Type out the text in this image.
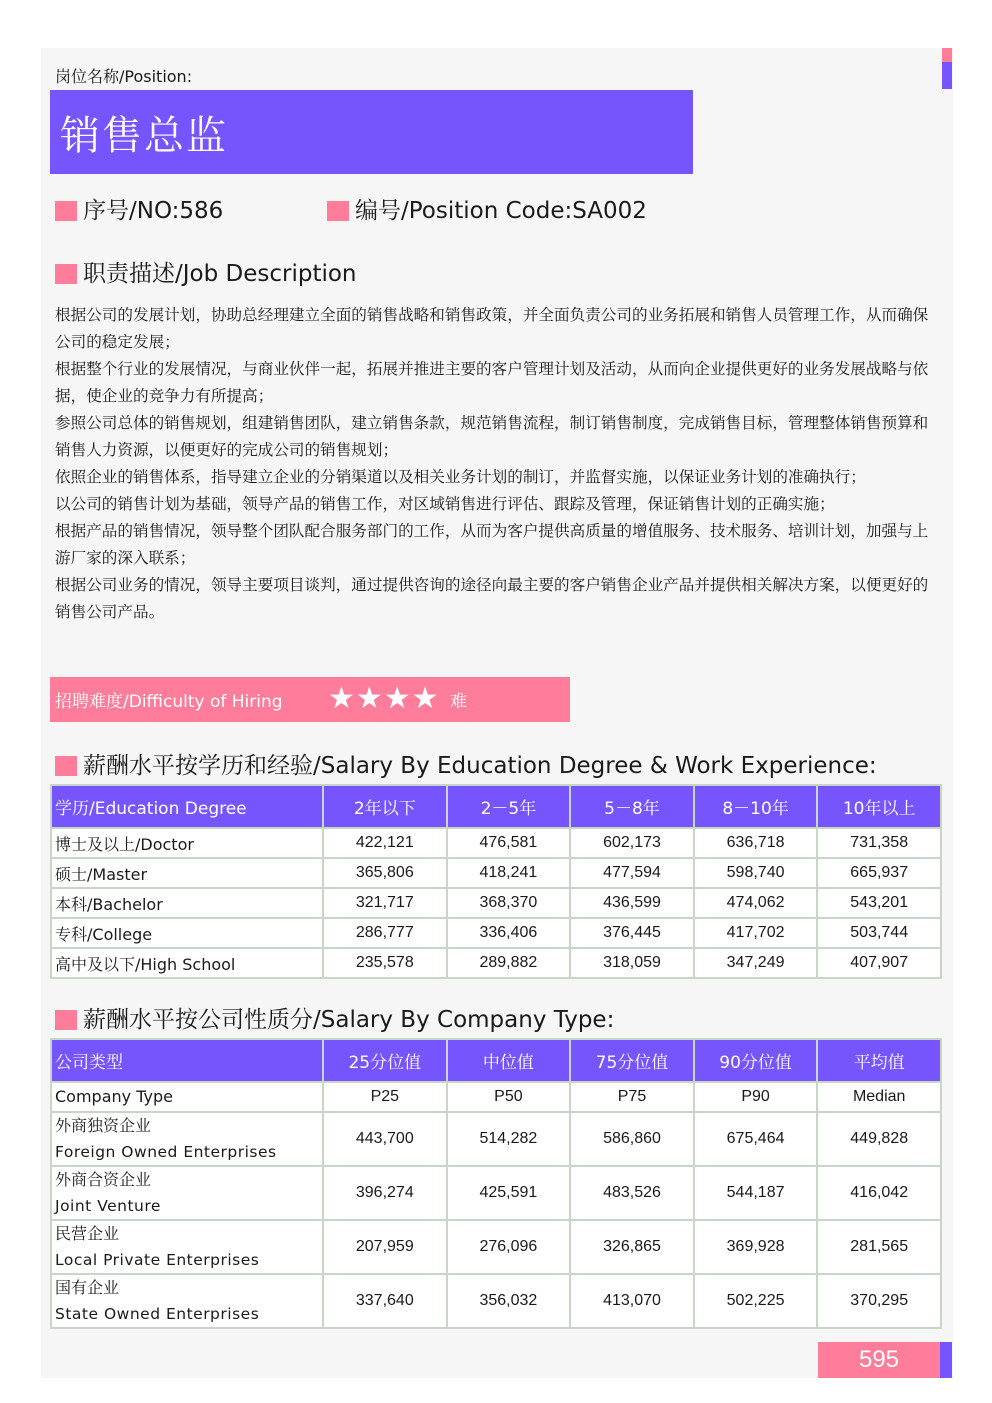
岗位名称/Position:
销售总监
序号/NO:586	编号/Position Code:SA002
职责描述/Job Description

根据公司的发展计划，协助总经理建立全面的销售战略和销售政策，并全面负责公司的业务拓展和销售人员管理工作，从而确保公司的稳定发展；

根据整个行业的发展情况，与商业伙伴一起，拓展并推进主要的客户管理计划及活动，从而向企业提供更好的业务发展战略与依据，使企业的竞争力有所提高；

参照公司总体的销售规划，组建销售团队，建立销售条款，规范销售流程，制订销售制度，完成销售目标，管理整体销售预算和销售人力资源，以便更好的完成公司的销售规划；

依照企业的销售体系，指导建立企业的分销渠道以及相关业务计划的制订，并监督实施，以保证业务计划的准确执行；

以公司的销售计划为基础，领导产品的销售工作，对区域销售进行评估、跟踪及管理，保证销售计划的正确实施；

根据产品的销售情况，领导整个团队配合服务部门的工作，从而为客户提供高质量的增值服务、技术服务、培训计划，加强与上游厂家的深入联系；

根据公司业务的情况，领导主要项目谈判，通过提供咨询的途径向最主要的客户销售企业产品并提供相关解决方案，以便更好的销售公司产品。

招聘难度/Difficulty of Hiring ★★★★ 难
薪酬水平按学历和经验/Salary By Education Degree & Work Experience:
学历/Education Degree	2年以下	2－5年	5－8年	8－10年	10年以上
博士及以上/Doctor	422,121	476,581	602,173	636,718	731,358
硕士/Master	365,806	418,241	477,594	598,740	665,937
本科/Bachelor	321,717	368,370	436,599	474,062	543,201
专科/College	286,777	336,406	376,445	417,702	503,744
高中及以下/High School	235,578	289,882	318,059	347,249	407,907
薪酬水平按公司性质分/Salary By Company Type:
公司类型	25分位值	中位值	75分位值	90分位值	平均值
Company Type	P25	P50	P75	P90	Median

外商独资企业
Foreign Owned Enterprises	443,700	514,282	586,860	675,464	449,828

外商合资企业
Joint Venture	396,274	425,591	483,526	544,187	416,042

民营企业
Local Private Enterprises	207,959	276,096	326,865	369,928	281,565

国有企业
State Owned Enterprises	337,640	356,032	413,070	502,225	370,295
595
